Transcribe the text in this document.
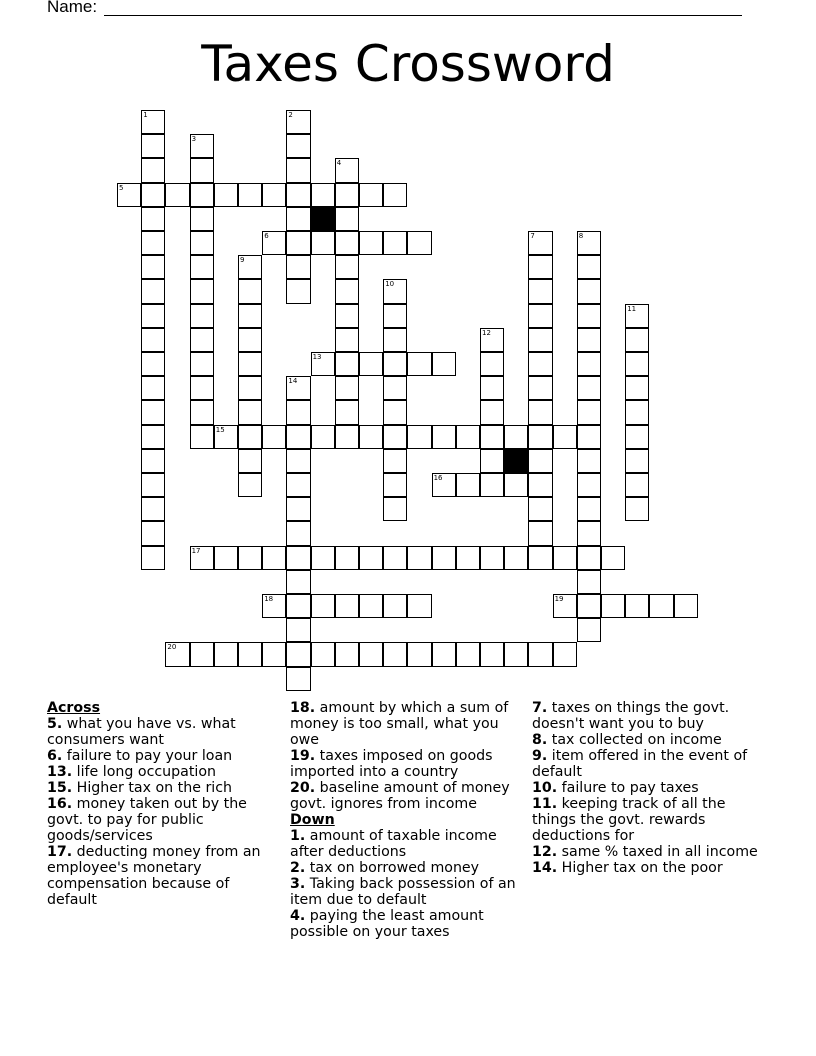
Name:
Taxes Crossword
1	2
3
4
5
6	7	8
9
10
11
12
13
14
15
16
17
18	19
20
Across
5. what you have vs. what consumers want
6. failure to pay your loan
13. life long occupation
15. Higher tax on the rich
16. money taken out by the govt. to pay for public goods/services
17. deducting money from an employee's monetary compensation because of default
18. amount by which a sum of money is too small, what you owe
19. taxes imposed on goods imported into a country
20. baseline amount of money govt. ignores from income
Down
1. amount of taxable income after deductions
2. tax on borrowed money
3. Taking back possession of an item due to default
4. paying the least amount possible on your taxes
7. taxes on things the govt. doesn't want you to buy
8. tax collected on income
9. item offered in the event of default
10. failure to pay taxes
11. keeping track of all the things the govt. rewards deductions for
12. same % taxed in all income
14. Higher tax on the poor
